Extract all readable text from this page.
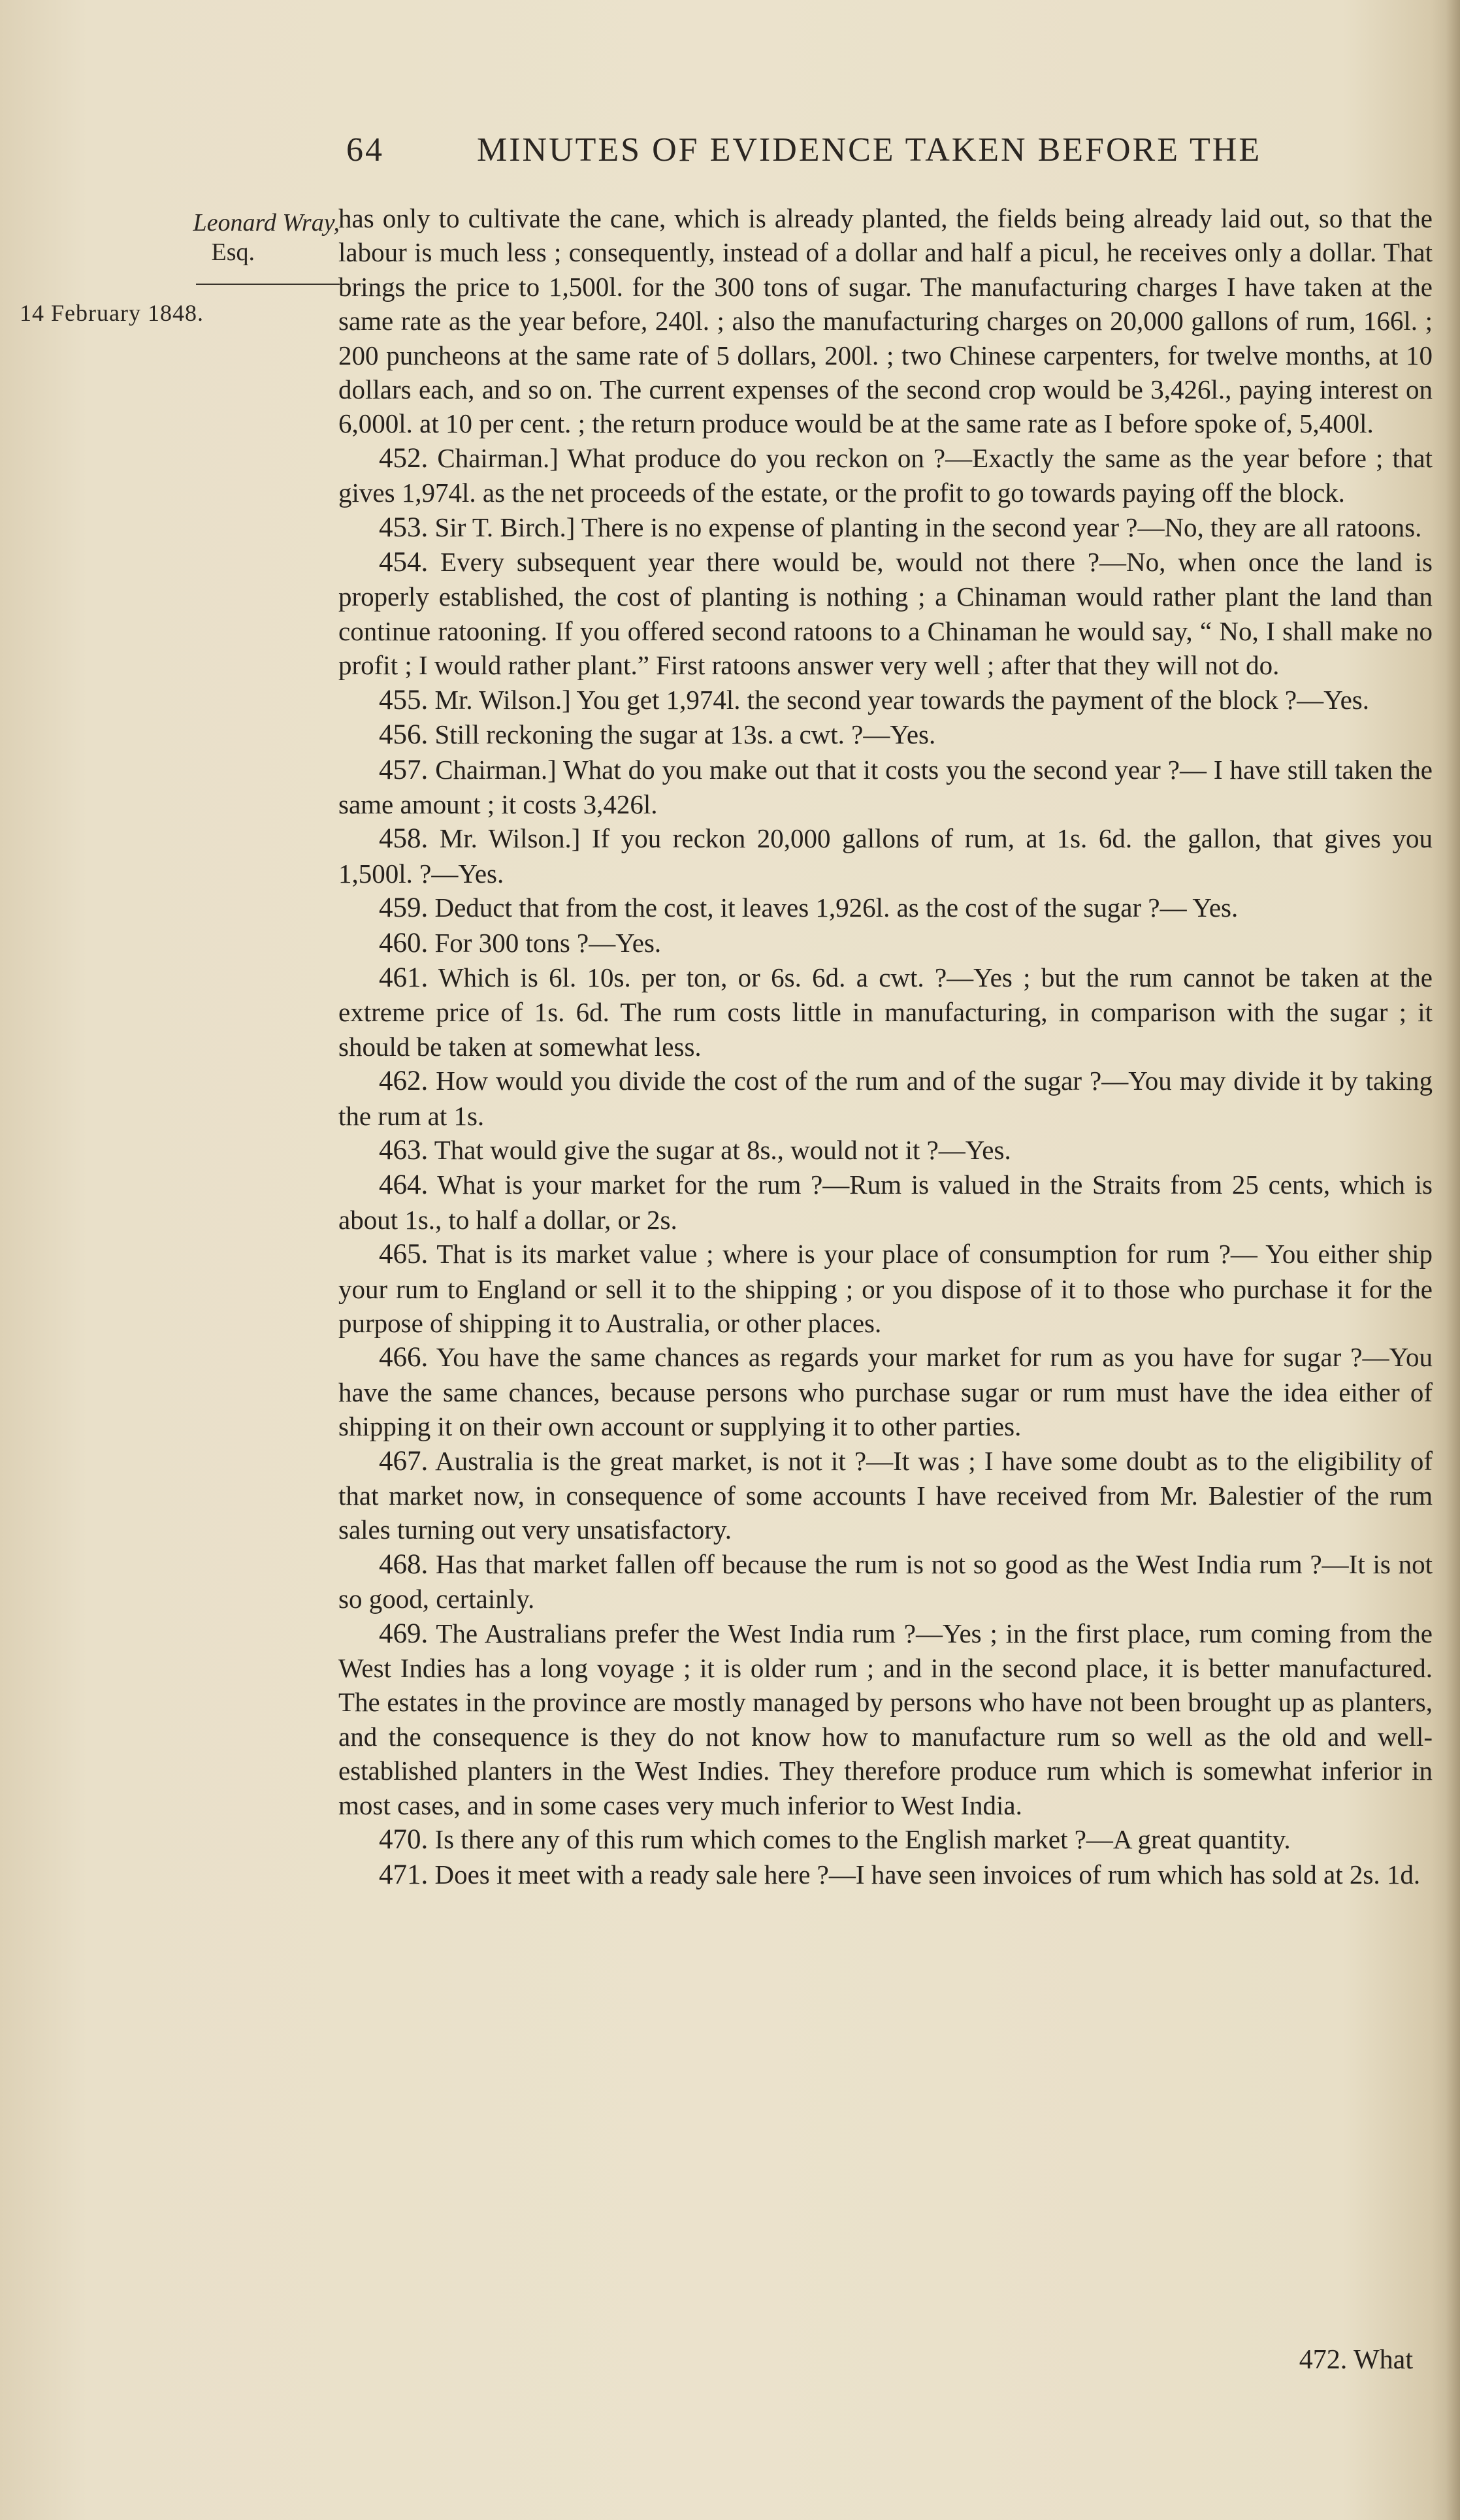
64	MINUTES OF EVIDENCE TAKEN BEFORE THE
Leonard Wray,
Esq.
14 February 1848.

has only to cultivate the cane, which is already planted, the fields being already laid out, so that the labour is much less ; consequently, instead of a dollar and half a picul, he receives only a dollar. That brings the price to 1,500l. for the 300 tons of sugar. The manufacturing charges I have taken at the same rate as the year before, 240l. ; also the manufacturing charges on 20,000 gallons of rum, 166l. ; 200 puncheons at the same rate of 5 dollars, 200l. ; two Chinese carpenters, for twelve months, at 10 dollars each, and so on. The current expenses of the second crop would be 3,426l., paying interest on 6,000l. at 10 per cent. ; the return produce would be at the same rate as I before spoke of, 5,400l.

452. Chairman.] What produce do you reckon on ?—Exactly the same as the year before ; that gives 1,974l. as the net proceeds of the estate, or the profit to go towards paying off the block.

453. Sir T. Birch.] There is no expense of planting in the second year ?—No, they are all ratoons.

454. Every subsequent year there would be, would not there ?—No, when once the land is properly established, the cost of planting is nothing ; a Chinaman would rather plant the land than continue ratooning. If you offered second ratoons to a Chinaman he would say, “ No, I shall make no profit ; I would rather plant.” First ratoons answer very well ; after that they will not do.

455. Mr. Wilson.] You get 1,974l. the second year towards the payment of the block ?—Yes.

456. Still reckoning the sugar at 13s. a cwt. ?—Yes.

457. Chairman.] What do you make out that it costs you the second year ?— I have still taken the same amount ; it costs 3,426l.

458. Mr. Wilson.] If you reckon 20,000 gallons of rum, at 1s. 6d. the gallon, that gives you 1,500l. ?—Yes.

459. Deduct that from the cost, it leaves 1,926l. as the cost of the sugar ?— Yes.

460. For 300 tons ?—Yes.

461. Which is 6l. 10s. per ton, or 6s. 6d. a cwt. ?—Yes ; but the rum cannot be taken at the extreme price of 1s. 6d. The rum costs little in manufacturing, in comparison with the sugar ; it should be taken at somewhat less.

462. How would you divide the cost of the rum and of the sugar ?—You may divide it by taking the rum at 1s.

463. That would give the sugar at 8s., would not it ?—Yes.

464. What is your market for the rum ?—Rum is valued in the Straits from 25 cents, which is about 1s., to half a dollar, or 2s.

465. That is its market value ; where is your place of consumption for rum ?— You either ship your rum to England or sell it to the shipping ; or you dispose of it to those who purchase it for the purpose of shipping it to Australia, or other places.

466. You have the same chances as regards your market for rum as you have for sugar ?—You have the same chances, because persons who purchase sugar or rum must have the idea either of shipping it on their own account or supplying it to other parties.

467. Australia is the great market, is not it ?—It was ; I have some doubt as to the eligibility of that market now, in consequence of some accounts I have received from Mr. Balestier of the rum sales turning out very unsatisfactory.

468. Has that market fallen off because the rum is not so good as the West India rum ?—It is not so good, certainly.

469. The Australians prefer the West India rum ?—Yes ; in the first place, rum coming from the West Indies has a long voyage ; it is older rum ; and in the second place, it is better manufactured. The estates in the province are mostly managed by persons who have not been brought up as planters, and the consequence is they do not know how to manufacture rum so well as the old and well-established planters in the West Indies. They therefore produce rum which is somewhat inferior in most cases, and in some cases very much inferior to West India.

470. Is there any of this rum which comes to the English market ?—A great quantity.

471. Does it meet with a ready sale here ?—I have seen invoices of rum which has sold at 2s. 1d.

472. What
